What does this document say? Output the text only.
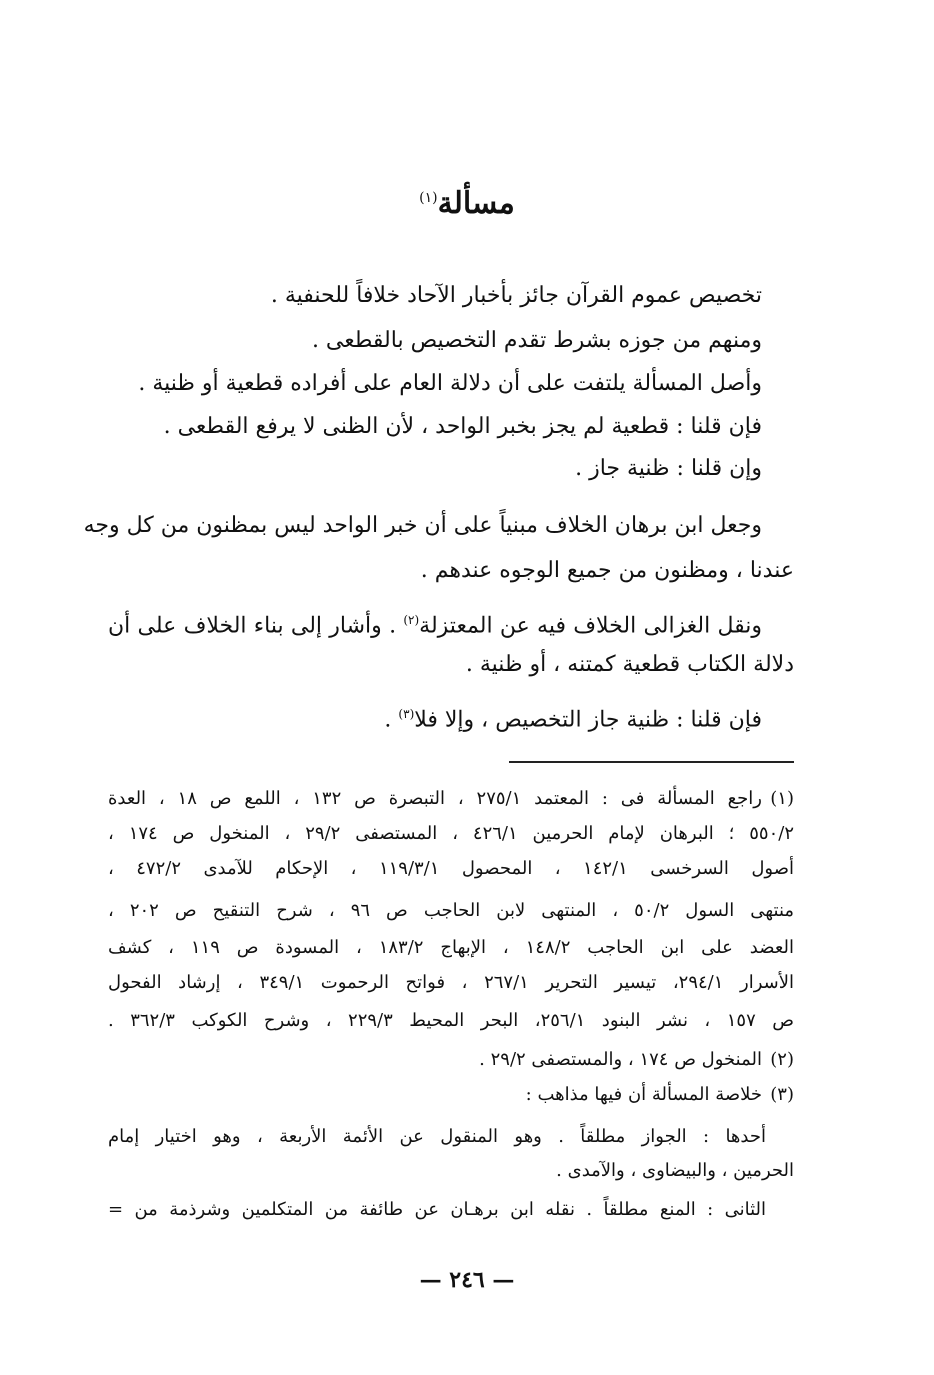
مسألة$^{(١)}$
تخصيص عموم القرآن جائز بأخبار الآحاد خلافاً للحنفية .
ومنهم من جوزه بشرط تقدم التخصيص بالقطعى .
وأصل المسألة يلتفت على أن دلالة العام على أفراده قطعية أو ظنية .
فإن قلنا : قطعية لم يجز بخبر الواحد ، لأن الظنى لا يرفع القطعى .
وإن قلنا : ظنية جاز .
وجعل ابن برهان الخلاف مبنياً على أن خبر الواحد ليس بمظنون من كل وجه
عندنا ، ومظنون من جميع الوجوه عندهم .
ونقل الغزالى الخلاف فيه عن المعتزلة$^{(٢)}$ . وأشار إلى بناء الخلاف على أن
دلالة الكتاب قطعية كمتنه ، أو ظنية .
فإن قلنا : ظنية جاز التخصيص ، وإلا فلا$^{(٣)}$ .
(١)
راجع المسألة فى : المعتمد ٢٧٥/١ ، التبصرة ص ١٣٢ ، اللمع ص ١٨ ، العدة
٥٥٠/٢ ؛ البرهان لإمام الحرمين ٤٢٦/١ ، المستصفى ٢٩/٢ ، المنخول ص ١٧٤ ،
أصول السرخسى ١٤٢/١ ، المحصول ١١٩/٣/١ ، الإحكام للآمدى ٤٧٢/٢ ،
منتهى السول ٥٠/٢ ، المنتهى لابن الحاجب ص ٩٦ ، شرح التنقيح ص ٢٠٢ ،
العضد على ابن الحاجب ١٤٨/٢ ، الإبهاج ١٨٣/٢ ، المسودة ص ١١٩ ، كشف
الأسرار ٢٩٤/١، تيسير التحرير ٢٦٧/١ ، فواتح الرحموت ٣٤٩/١ ، إرشاد الفحول
ص ١٥٧ ، نشر البنود ٢٥٦/١، البحر المحيط ٢٢٩/٣ ، وشرح الكوكب ٣٦٢/٣ .
(٢)
المنخول ص ١٧٤ ، والمستصفى ٢٩/٢ .
(٣)
خلاصة المسألة أن فيها مذاهب :
أحدها : الجواز مطلقاً . وهو المنقول عن الأئمة الأربعة ، وهو اختيار إمام
الحرمين ، والبيضاوى ، والآمدى .
الثانى : المنع مطلقاً . نقله ابن برهـان عن طائفة من المتكلمين وشرذمة من =
— ٢٤٦ —
